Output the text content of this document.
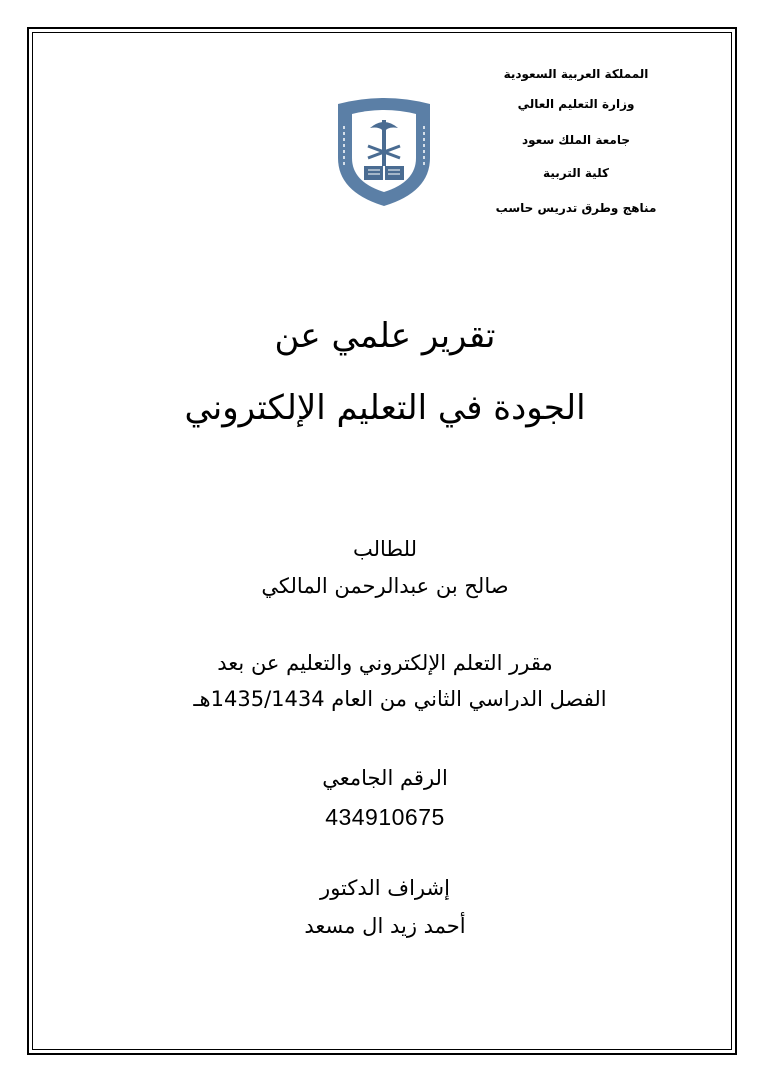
المملكة العربية السعودية
وزارة التعليم العالي
جامعة الملك سعود
كلية التربية
مناهج وطرق تدريس حاسب
تقرير علمي عن
الجودة في التعليم الإلكتروني
للطالب
صالح بن عبدالرحمن المالكي
مقرر التعلم الإلكتروني والتعليم عن بعد
الفصل الدراسي الثاني من العام 1435/1434هـ
الرقم الجامعي
434910675
إشراف الدكتور
أحمد زيد ال مسعد
